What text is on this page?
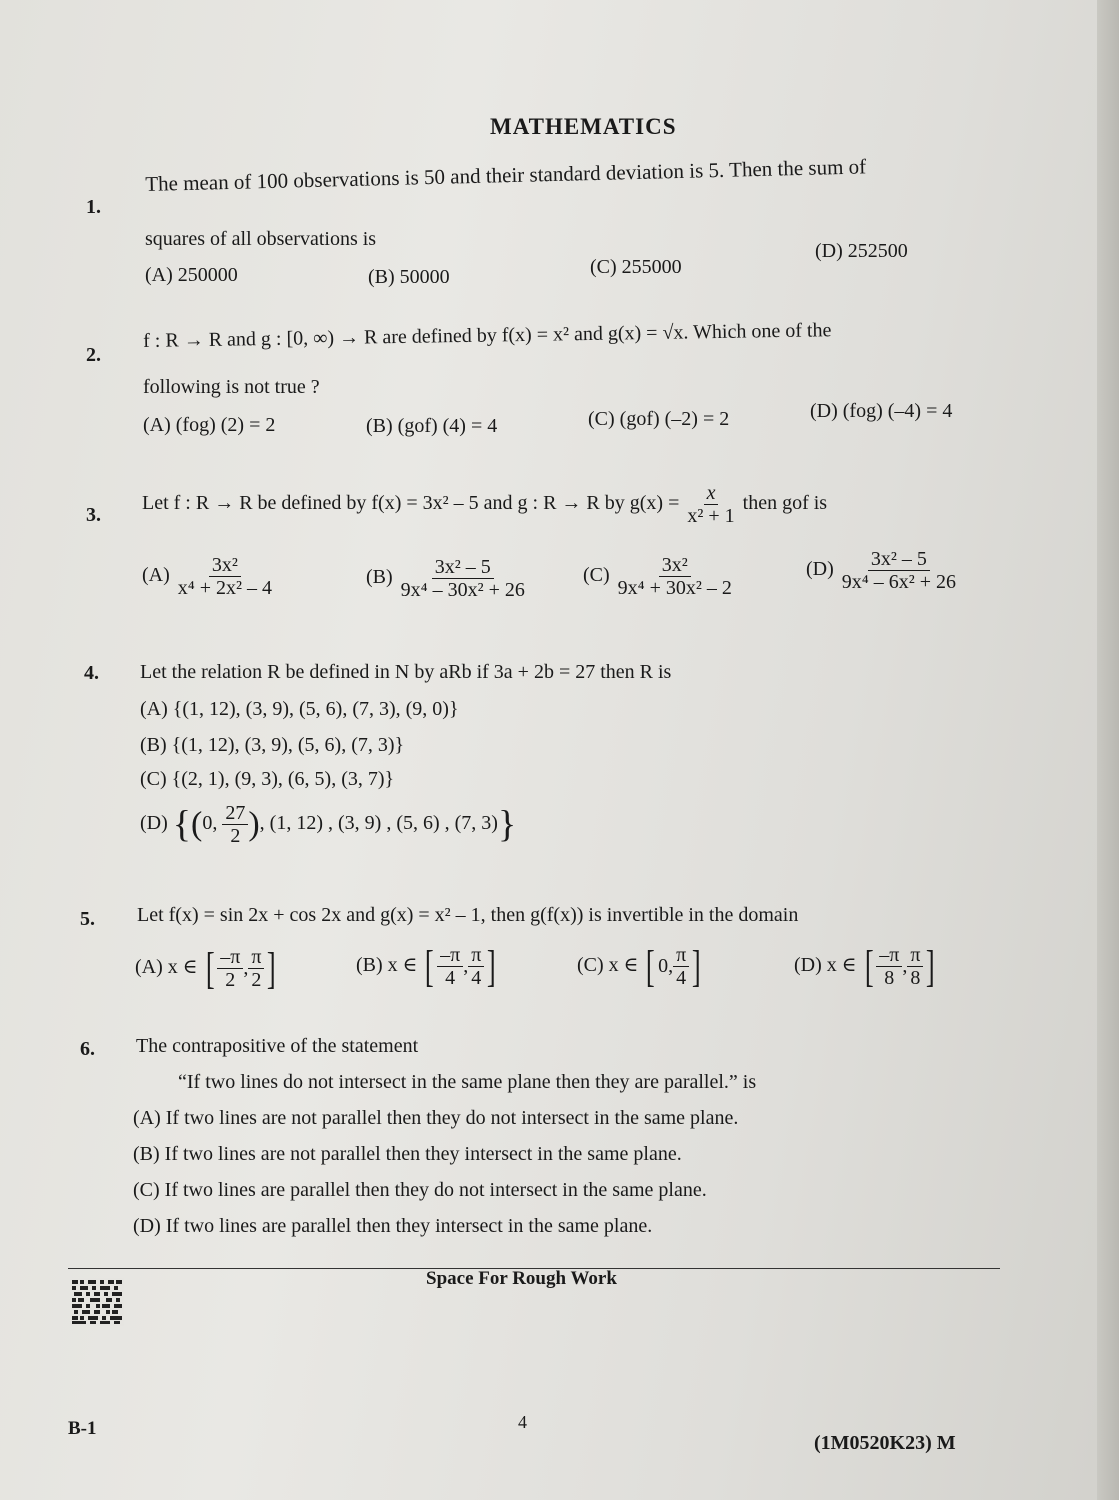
MATHEMATICS
1.
The mean of 100 observations is 50 and their standard deviation is 5. Then the sum of
squares of all observations is
(A) 250000	(B) 50000	(C) 255000
(D) 252500
2.
f : R → R and g : [0, ∞) → R are defined by f(x) = x² and g(x) = √x. Which one of the
following is not true ?
(A) (fog) (2) = 2	(B) (gof) (4) = 4	(C) (gof) (–2) = 2	(D) (fog) (–4) = 4
3.
Let f : R → R be defined by f(x) = 3x² – 5 and g : R → R by $g(x) = \frac{x}{\text{x² + 1}}$ then gof is
$(A) \frac{\text{3x²}}{\text{x⁴ + 2x² – 4}}$	$(B) \frac{\text{3x² – 5}}{\text{9x⁴ – 30x² + 26}}$	$(C) \frac{\text{3x²}}{\text{9x⁴ + 30x² – 2}}$	$(D) \frac{\text{3x² – 5}}{\text{9x⁴ – 6x² + 26}}$
4. Let the relation R be defined in N by aRb if 3a + 2b = 27 then R is
(A) {(1, 12), (3, 9), (5, 6), (7, 3), (9, 0)}
(B) {(1, 12), (3, 9), (5, 6), (7, 3)}
(C) {(2, 1), (9, 3), (6, 5), (3, 7)}
(D) {(0, $\frac{27}{2}$ ), (1, 12) , (3, 9) , (5, 6) , (7, 3)}
5. Let f(x) = sin 2x + cos 2x and g(x) = x² – 1, then g(f(x)) is invertible in the domain
(A) x ∈ [ $\frac{-\pi}{2}$ , $\frac{\pi}{2}$ ]	(B) x ∈ [ $\frac{-\pi}{4}$ , $\frac{\pi}{4}$ ]	(C) x ∈ [ 0, $\frac{\pi}{4}$ ]	(D) x ∈ [ $\frac{-\pi}{8}$ , $\frac{\pi}{8}$ ]
6. The contrapositive of the statement
“If two lines do not intersect in the same plane then they are parallel.” is
(A) If two lines are not parallel then they do not intersect in the same plane.
(B) If two lines are not parallel then they intersect in the same plane.
(C) If two lines are parallel then they do not intersect in the same plane.
(D) If two lines are parallel then they intersect in the same plane.
Space For Rough Work
B-1	4
(1M0520K23) M
